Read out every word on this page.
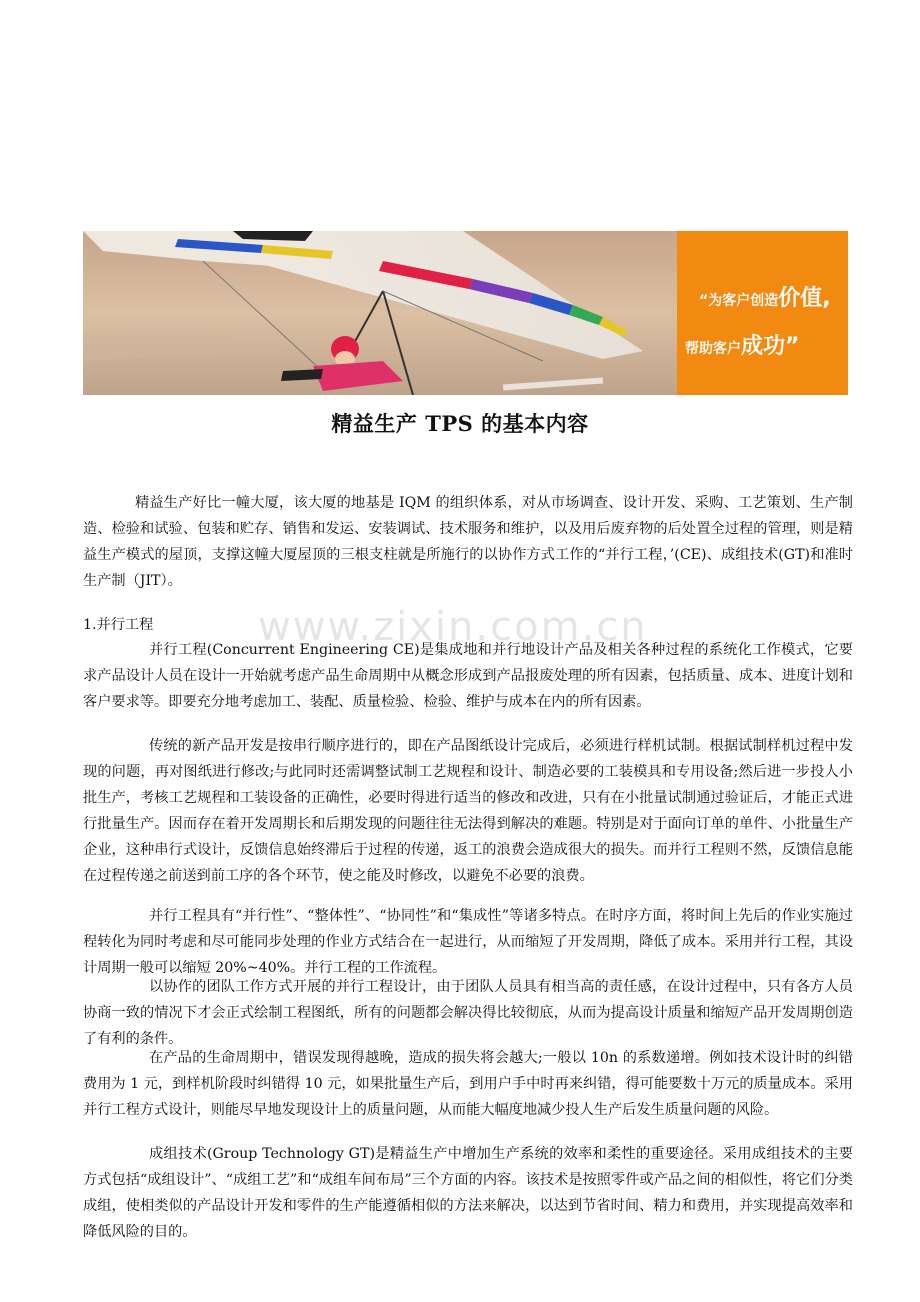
“为客户创造价值,
帮助客户成功”
精益生产 TPS 的基本内容
www.zixin.com.cn

精益生产好比一幢大厦，该大厦的地基是 IQM 的组织体系，对从市场调查、设计开发、采购、工艺策划、生产制造、检验和试验、包装和贮存、销售和发运、安装调试、技术服务和维护，以及用后废弃物的后处置全过程的管理，则是精益生产模式的屋顶，支撑这幢大厦屋顶的三根支柱就是所施行的以协作方式工作的“并行工程，’(CE)、成组技术(GT)和准时生产制（JIT）。

1.并行工程

并行工程(Concurrent Engineering CE)是集成地和并行地设计产品及相关各种过程的系统化工作模式，它要求产品设计人员在设计一开始就考虑产品生命周期中从概念形成到产品报废处理的所有因素，包括质量、成本、进度计划和客户要求等。即要充分地考虑加工、装配、质量检验、检验、维护与成本在内的所有因素。

传统的新产品开发是按串行顺序进行的，即在产品图纸设计完成后，必须进行样机试制。根据试制样机过程中发现的问题，再对图纸进行修改;与此同时还需调整试制工艺规程和设计、制造必要的工装模具和专用设备;然后进一步投人小批生产，考核工艺规程和工装设备的正确性，必要时得进行适当的修改和改进，只有在小批量试制通过验证后，才能正式进行批量生产。因而存在着开发周期长和后期发现的问题往往无法得到解决的难题。特别是对于面向订单的单件、小批量生产企业，这种串行式设计，反馈信息始终滞后于过程的传递，返工的浪费会造成很大的损失。而并行工程则不然，反馈信息能在过程传递之前送到前工序的各个环节，使之能及时修改，以避免不必要的浪费。

并行工程具有“并行性”、“整体性”、“协同性”和“集成性”等诸多特点。在时序方面，将时间上先后的作业实施过程转化为同时考虑和尽可能同步处理的作业方式结合在一起进行，从而缩短了开发周期，降低了成本。采用并行工程，其设计周期一般可以缩短 20%~40%。并行工程的工作流程。

以协作的团队工作方式开展的并行工程设计，由于团队人员具有相当高的责任感，在设计过程中，只有各方人员协商一致的情况下才会正式绘制工程图纸，所有的问题都会解决得比较彻底，从而为提高设计质量和缩短产品开发周期创造了有利的条件。

在产品的生命周期中，错误发现得越晚，造成的损失将会越大;一般以 10n 的系数递增。例如技术设计时的纠错费用为 1 元，到样机阶段时纠错得 10 元，如果批量生产后，到用户手中时再来纠错，得可能要数十万元的质量成本。采用并行工程方式设计，则能尽早地发现设计上的质量问题，从而能大幅度地减少投人生产后发生质量问题的风险。

成组技术(Group Technology GT)是精益生产中增加生产系统的效率和柔性的重要途径。采用成组技术的主要方式包括“成组设计”、“成组工艺”和“成组车间布局”三个方面的内容。该技术是按照零件或产品之间的相似性，将它们分类成组，使相类似的产品设计开发和零件的生产能遵循相似的方法来解决，以达到节省时间、精力和费用，并实现提高效率和降低风险的目的。
